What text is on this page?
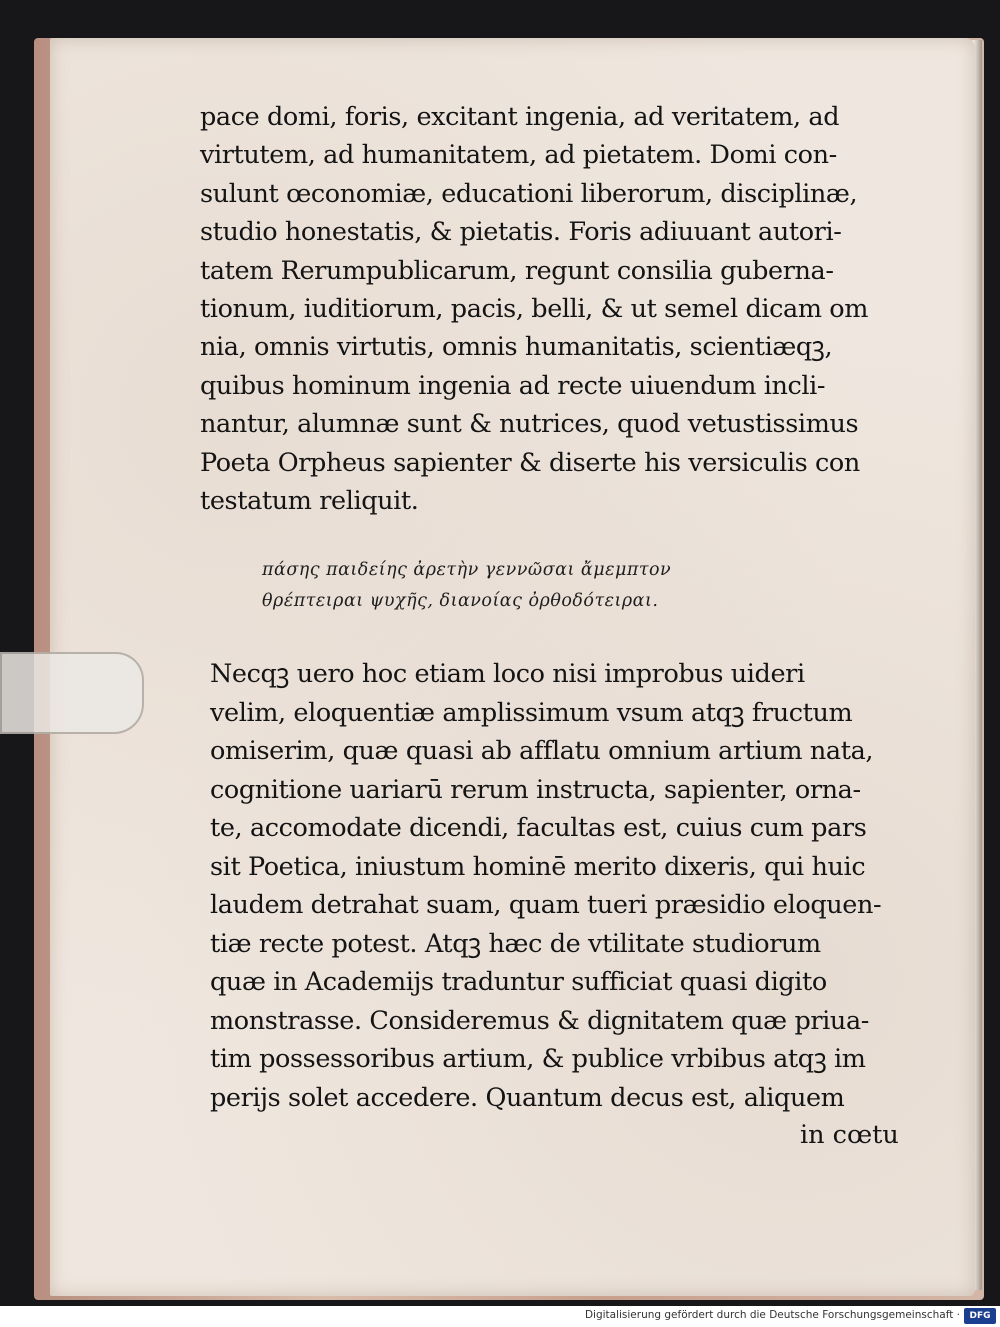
pace domi, foris, excitant ingenia, ad veritatem, ad
virtutem, ad humanitatem, ad pietatem. Domi con-
sulunt œconomiæ, educationi liberorum, disciplinæ,
studio honestatis, & pietatis. Foris adiuuant autori-
tatem Rerumpublicarum, regunt consilia guberna-
tionum, iuditiorum, pacis, belli, & ut semel dicam om
nia, omnis virtutis, omnis humanitatis, scientiæqꝫ,
quibus hominum ingenia ad recte uiuendum incli-
nantur, alumnæ sunt & nutrices, quod vetustissimus
Poeta Orpheus sapienter & diserte his versiculis con
testatum reliquit.
πάσης παιδείης ἀρετὴν γεννῶσαι ἄμεμπτον
θρέπτειραι ψυχῆς, διανοίας ὀρθοδότειραι.
Necqꝫ uero hoc etiam loco nisi improbus uideri
velim, eloquentiæ amplissimum vsum atqꝫ fructum
omiserim, quæ quasi ab afflatu omnium artium nata,
cognitione uariarū rerum instructa, sapienter, orna-
te, accomodate dicendi, facultas est, cuius cum pars
sit Poetica, iniustum hominē merito dixeris, qui huic
laudem detrahat suam, quam tueri præsidio eloquen-
tiæ recte potest. Atqꝫ hæc de vtilitate studiorum
quæ in Academijs traduntur sufficiat quasi digito
monstrasse. Consideremus & dignitatem quæ priua-
tim possessoribus artium, & publice vrbibus atqꝫ im
perijs solet accedere. Quantum decus est, aliquem
in cœtu
Digitalisierung gefördert durch die Deutsche Forschungsgemeinschaft ·	DFG
